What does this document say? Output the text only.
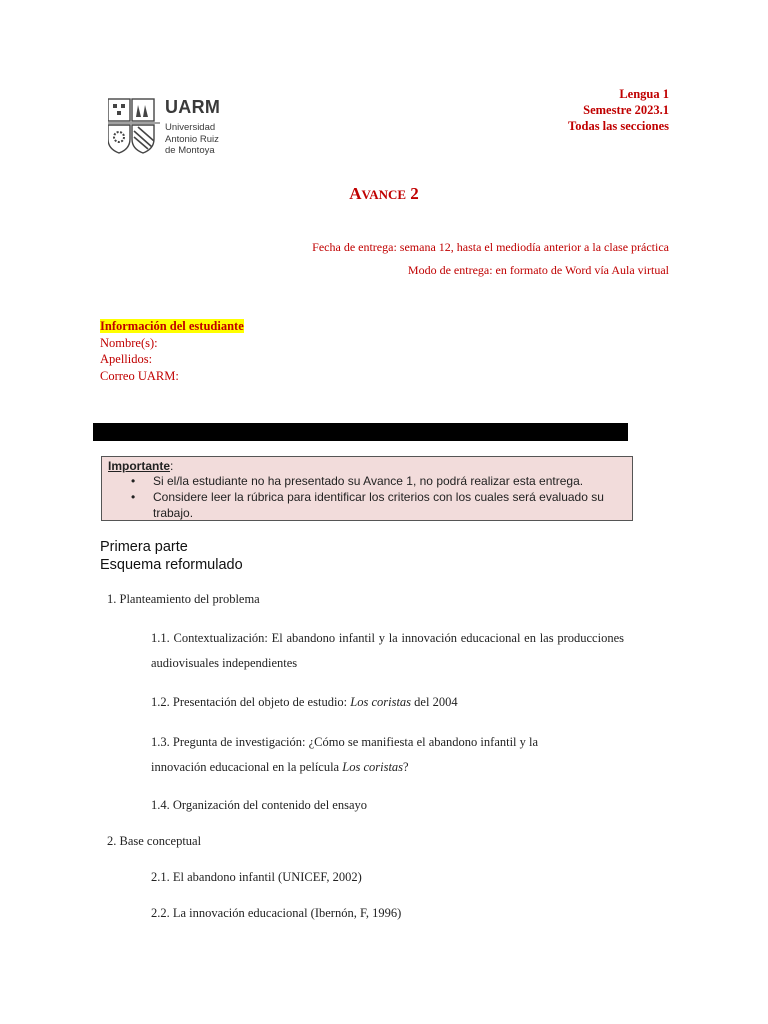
UARM
Universidad
Antonio Ruiz
de Montoya
Lengua 1
Semestre 2023.1
Todas las secciones
AVANCE 2
Fecha de entrega: semana 12, hasta el mediodía anterior a la clase práctica
Modo de entrega: en formato de Word vía Aula virtual
Información del estudiante
Nombre(s):
Apellidos:
Correo UARM:
Importante:
• Si el/la estudiante no ha presentado su Avance 1, no podrá realizar esta entrega.
• Considere leer la rúbrica para identificar los criterios con los cuales será evaluado su trabajo.
Primera parte
Esquema reformulado
1. Planteamiento del problema
1.1. Contextualización: El abandono infantil y la innovación educacional en las producciones audiovisuales independientes
1.2. Presentación del objeto de estudio: Los coristas del 2004
1.3. Pregunta de investigación: ¿Cómo se manifiesta el abandono infantil y la innovación educacional en la película Los coristas?
1.4. Organización del contenido del ensayo
2. Base conceptual
2.1. El abandono infantil (UNICEF, 2002)
2.2. La innovación educacional (Ibernón, F, 1996)
